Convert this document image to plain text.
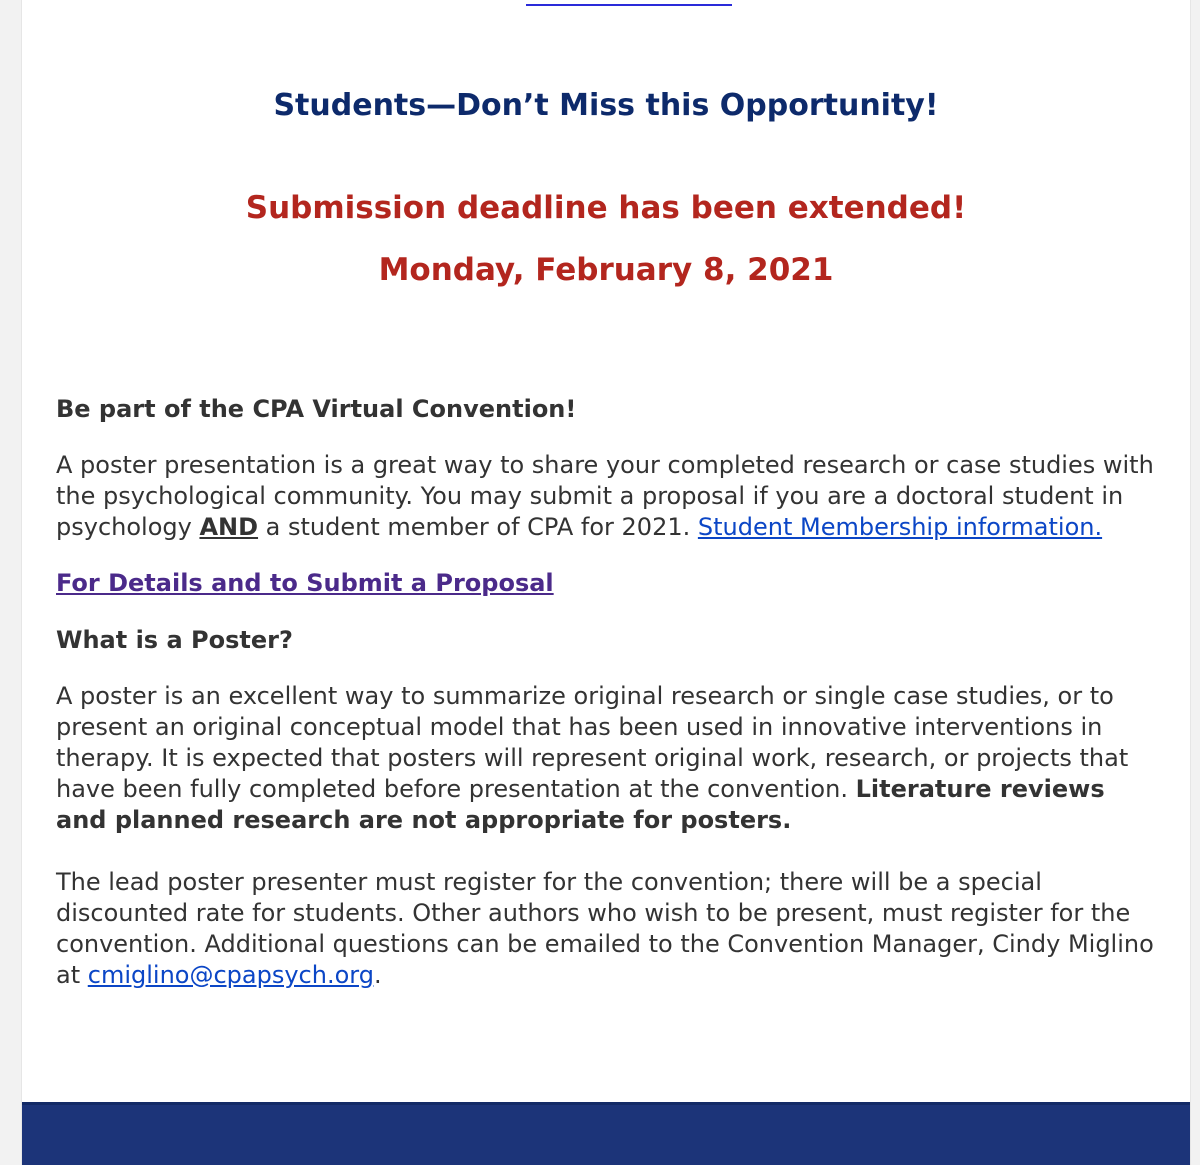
Students—Don’t Miss this Opportunity!
Submission deadline has been extended!
Monday, February 8, 2021

Be part of the CPA Virtual Convention!

A poster presentation is a great way to share your completed research or case studies with the psychological community. You may submit a proposal if you are a doctoral student in psychology AND a student member of CPA for 2021. Student Membership information.

For Details and to Submit a Proposal

What is a Poster?

A poster is an excellent way to summarize original research or single case studies, or to present an original conceptual model that has been used in innovative interventions in therapy. It is expected that posters will represent original work, research, or projects that have been fully completed before presentation at the convention. Literature reviews and planned research are not appropriate for posters.

The lead poster presenter must register for the convention; there will be a special discounted rate for students. Other authors who wish to be present, must register for the convention. Additional questions can be emailed to the Convention Manager, Cindy Miglino at cmiglino@cpapsych.org.
